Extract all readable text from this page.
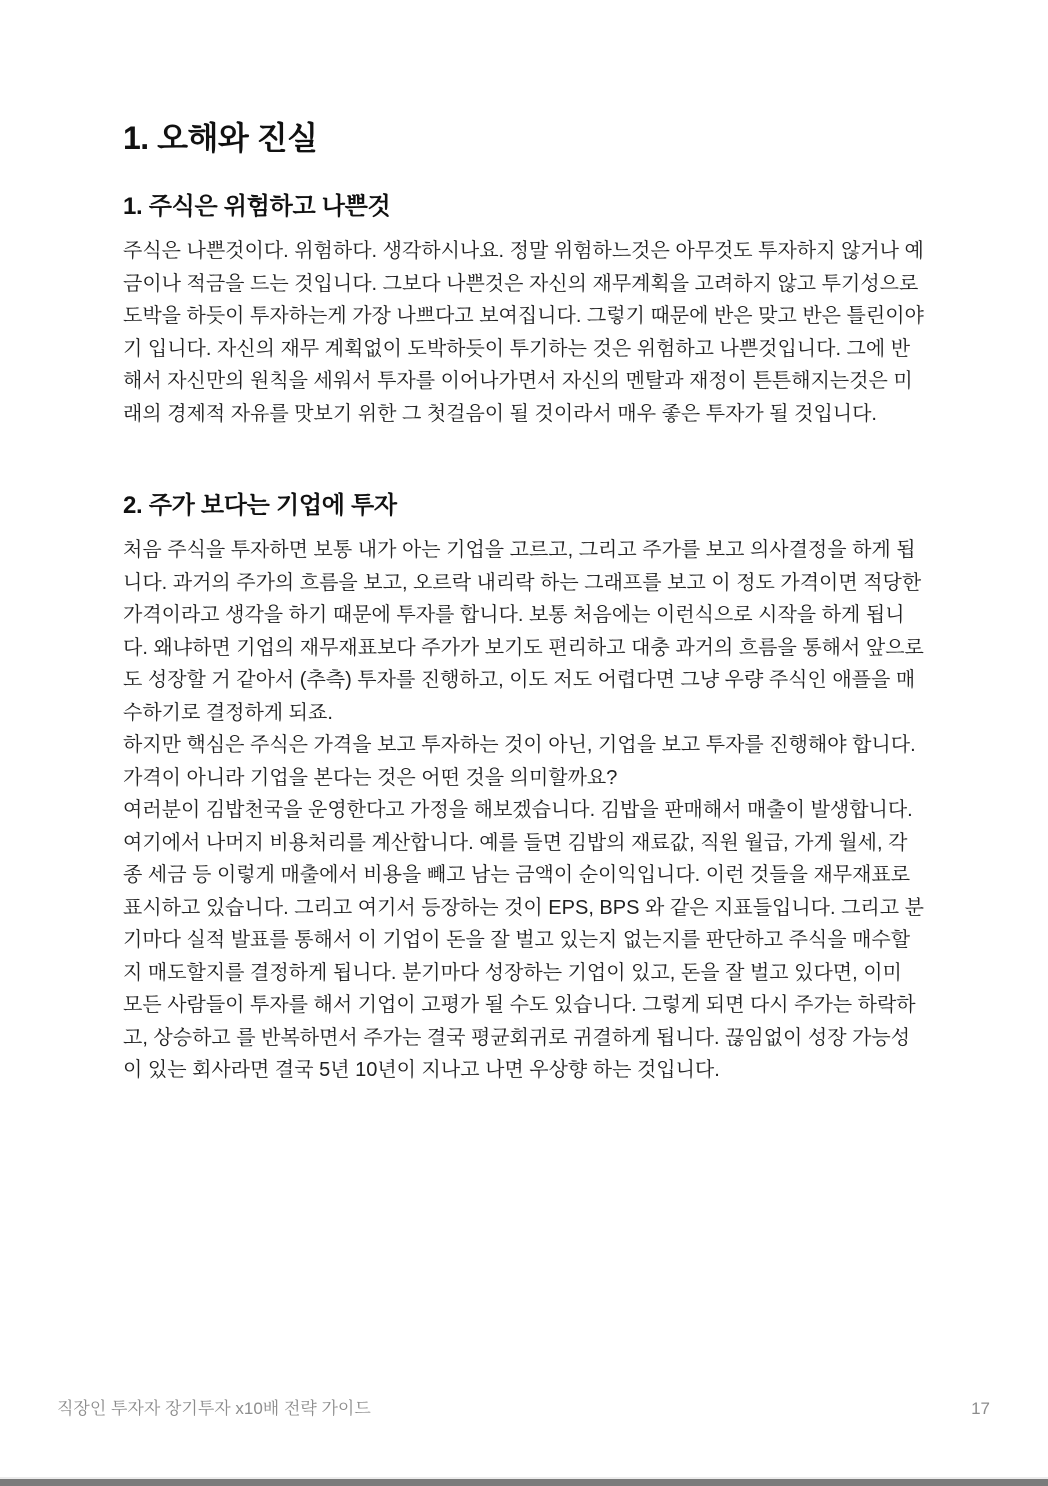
1. 오해와 진실
1. 주식은 위험하고 나쁜것

주식은 나쁜것이다. 위험하다. 생각하시나요. 정말 위험하느것은 아무것도 투자하지 않거나 예금이나 적금을 드는 것입니다. 그보다 나쁜것은 자신의 재무계획을 고려하지 않고 투기성으로 도박을 하듯이 투자하는게 가장 나쁘다고 보여집니다. 그렇기 때문에 반은 맞고 반은 틀린이야기 입니다. 자신의 재무 계획없이 도박하듯이 투기하는 것은 위험하고 나쁜것입니다. 그에 반해서 자신만의 원칙을 세워서 투자를 이어나가면서 자신의 멘탈과 재정이 튼튼해지는것은 미래의 경제적 자유를 맛보기 위한 그 첫걸음이 될 것이라서 매우 좋은 투자가 될 것입니다.

2. 주가 보다는 기업에 투자

처음 주식을 투자하면 보통 내가 아는 기업을 고르고, 그리고 주가를 보고 의사결정을 하게 됩니다. 과거의 주가의 흐름을 보고, 오르락 내리락 하는 그래프를 보고 이 정도 가격이면 적당한 가격이라고 생각을 하기 때문에 투자를 합니다. 보통 처음에는 이런식으로 시작을 하게 됩니다. 왜냐하면 기업의 재무재표보다 주가가 보기도 편리하고 대충 과거의 흐름을 통해서 앞으로도 성장할 거 같아서 (추측) 투자를 진행하고, 이도 저도 어렵다면 그냥 우량 주식인 애플을 매수하기로 결정하게 되죠.

하지만 핵심은 주식은 가격을 보고 투자하는 것이 아닌, 기업을 보고 투자를 진행해야 합니다.

가격이 아니라 기업을 본다는 것은 어떤 것을 의미할까요?

여러분이 김밥천국을 운영한다고 가정을 해보겠습니다. 김밥을 판매해서 매출이 발생합니다. 여기에서 나머지 비용처리를 계산합니다. 예를 들면 김밥의 재료값, 직원 월급, 가게 월세, 각종 세금 등 이렇게 매출에서 비용을 빼고 남는 금액이 순이익입니다. 이런 것들을 재무재표로 표시하고 있습니다. 그리고 여기서 등장하는 것이 EPS, BPS 와 같은 지표들입니다. 그리고 분기마다 실적 발표를 통해서 이 기업이 돈을 잘 벌고 있는지 없는지를 판단하고 주식을 매수할지 매도할지를 결정하게 됩니다. 분기마다 성장하는 기업이 있고, 돈을 잘 벌고 있다면, 이미 모든 사람들이 투자를 해서 기업이 고평가 될 수도 있습니다. 그렇게 되면 다시 주가는 하락하고, 상승하고 를 반복하면서 주가는 결국 평균회귀로 귀결하게 됩니다. 끊임없이 성장 가능성이 있는 회사라면 결국 5년 10년이 지나고 나면 우상향 하는 것입니다.

직장인 투자자 장기투자 x10배 전략 가이드	17
